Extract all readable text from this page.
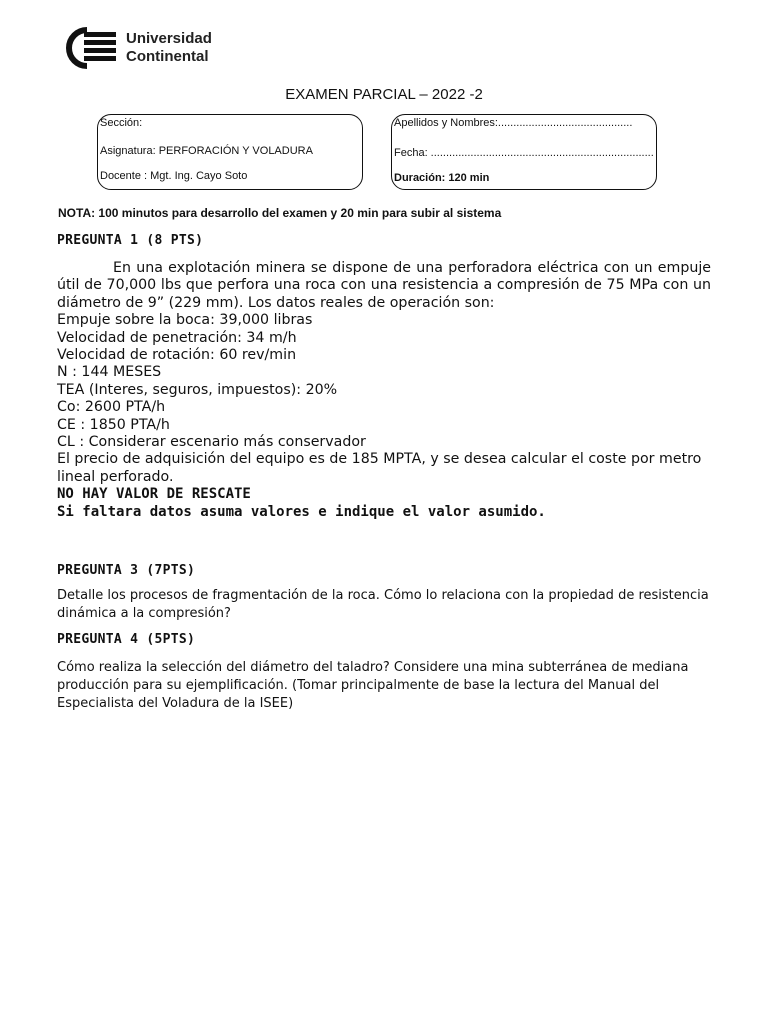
Universidad
Continental
EXAMEN PARCIAL – 2022 -2
Sección:
Asignatura: PERFORACIÓN Y VOLADURA
Docente : Mgt. Ing. Cayo Soto
Apellidos y Nombres:............................................
Fecha: .........................................................................
Duración: 120 min
NOTA: 100 minutos para desarrollo del examen y 20 min para subir al sistema
PREGUNTA 1 (8 PTS)

En una explotación minera se dispone de una perforadora eléctrica con un empuje útil de 70,000 lbs que perfora una roca con una resistencia a compresión de 75 MPa con un diámetro de 9” (229 mm). Los datos reales de operación son:

Empuje sobre la boca: 39,000 libras

Velocidad de penetración: 34 m/h

Velocidad de rotación: 60 rev/min

N : 144 MESES

TEA (Interes, seguros, impuestos): 20%

Co: 2600 PTA/h

CE : 1850 PTA/h

CL : Considerar escenario más conservador

El precio de adquisición del equipo es de 185 MPTA, y se desea calcular el coste por metro lineal perforado.

NO HAY VALOR DE RESCATE

Si faltara datos asuma valores e indique el valor asumido.

PREGUNTA 3 (7PTS)
Detalle los procesos de fragmentación de la roca. Cómo lo relaciona con la propiedad de resistencia dinámica a la compresión?
PREGUNTA 4 (5PTS)
Cómo realiza la selección del diámetro del taladro? Considere una mina subterránea de mediana producción para su ejemplificación. (Tomar principalmente de base la lectura del Manual del Especialista del Voladura de la ISEE)
